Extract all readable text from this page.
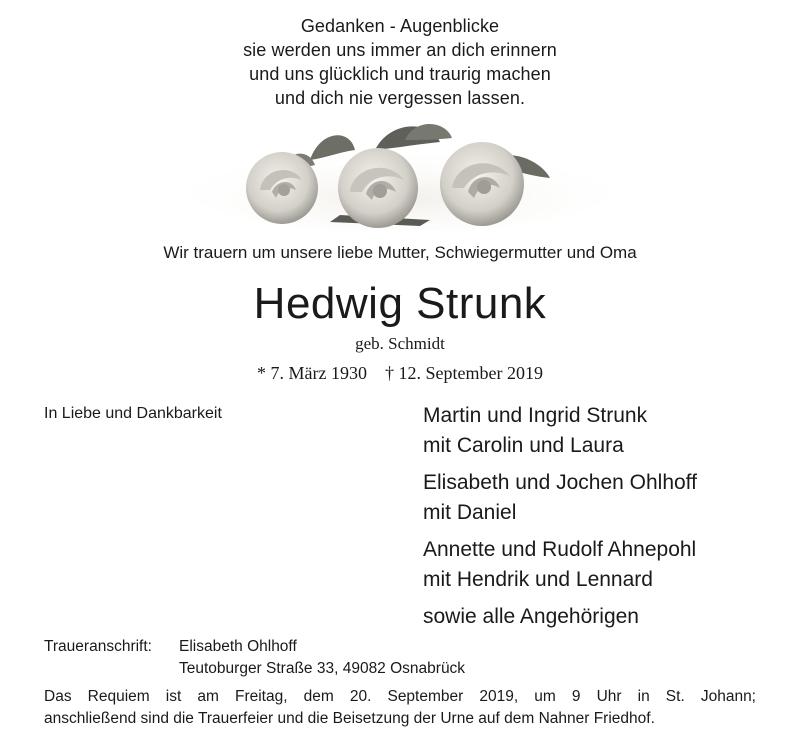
Gedanken - Augenblicke
sie werden uns immer an dich erinnern
und uns glücklich und traurig machen
und dich nie vergessen lassen.
Wir trauern um unsere liebe Mutter, Schwiegermutter und Oma
Hedwig Strunk
geb. Schmidt
* 7. März 1930 † 12. September 2019
In Liebe und Dankbarkeit	Martin und Ingrid Strunk
mit Carolin und Laura
Elisabeth und Jochen Ohlhoff
mit Daniel
Annette und Rudolf Ahnepohl
mit Hendrik und Lennard
sowie alle Angehörigen
Traueranschrift:	Elisabeth Ohlhoff
Teutoburger Straße 33, 49082 Osnabrück
Das Requiem ist am Freitag, dem 20. September 2019, um 9 Uhr in St. Johann;
anschließend sind die Trauerfeier und die Beisetzung der Urne auf dem Nahner Friedhof.
